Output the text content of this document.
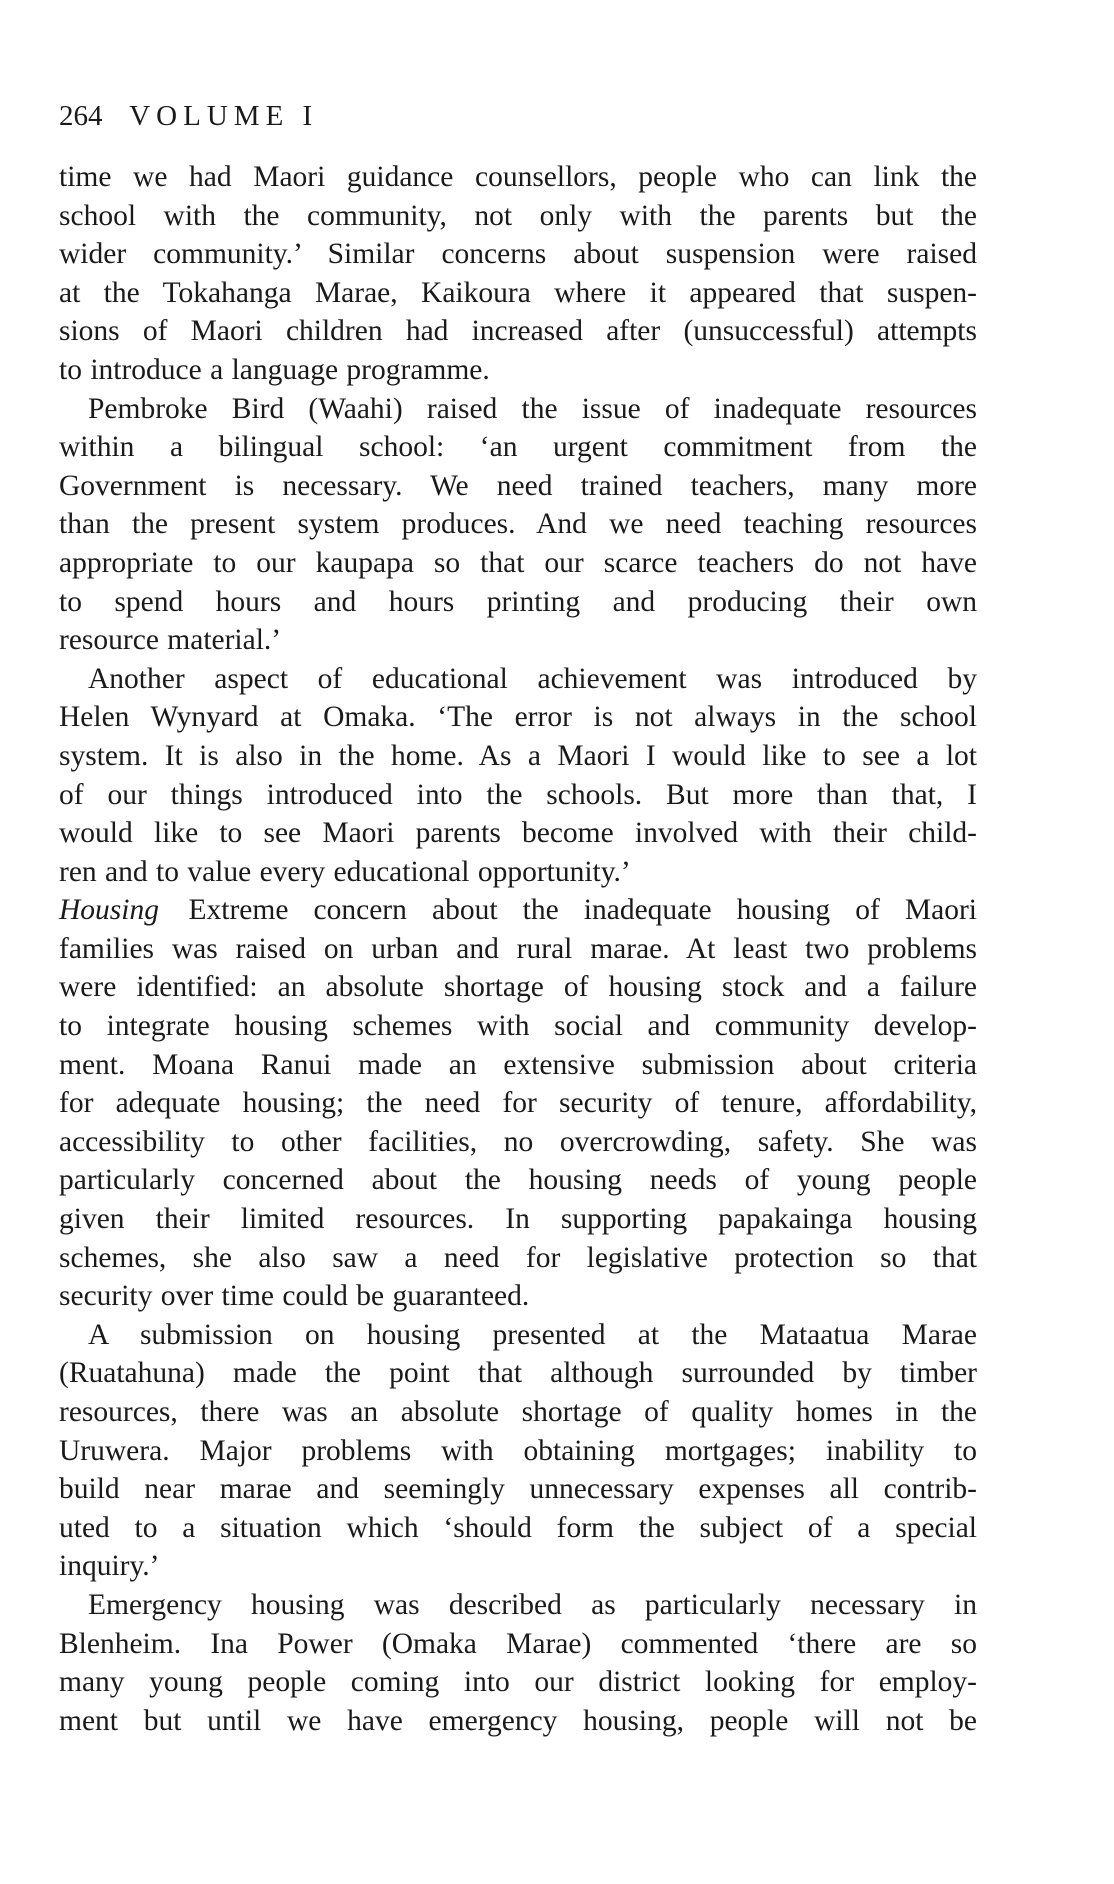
264 VOLUME I
time we had Maori guidance counsellors, people who can link the
school with the community, not only with the parents but the
wider community.’ Similar concerns about suspension were raised
at the Tokahanga Marae, Kaikoura where it appeared that suspen-
sions of Maori children had increased after (unsuccessful) attempts
to introduce a language programme.
Pembroke Bird (Waahi) raised the issue of inadequate resources
within a bilingual school: ‘an urgent commitment from the
Government is necessary. We need trained teachers, many more
than the present system produces. And we need teaching resources
appropriate to our kaupapa so that our scarce teachers do not have
to spend hours and hours printing and producing their own
resource material.’
Another aspect of educational achievement was introduced by
Helen Wynyard at Omaka. ‘The error is not always in the school
system. It is also in the home. As a Maori I would like to see a lot
of our things introduced into the schools. But more than that, I
would like to see Maori parents become involved with their child-
ren and to value every educational opportunity.’
Housing  Extreme concern about the inadequate housing of Maori
families was raised on urban and rural marae. At least two problems
were identified: an absolute shortage of housing stock and a failure
to integrate housing schemes with social and community develop-
ment. Moana Ranui made an extensive submission about criteria
for adequate housing; the need for security of tenure, affordability,
accessibility to other facilities, no overcrowding, safety. She was
particularly concerned about the housing needs of young people
given their limited resources. In supporting papakainga housing
schemes, she also saw a need for legislative protection so that
security over time could be guaranteed.
A submission on housing presented at the Mataatua Marae
(Ruatahuna) made the point that although surrounded by timber
resources, there was an absolute shortage of quality homes in the
Uruwera. Major problems with obtaining mortgages; inability to
build near marae and seemingly unnecessary expenses all contrib-
uted to a situation which ‘should form the subject of a special
inquiry.’
Emergency housing was described as particularly necessary in
Blenheim. Ina Power (Omaka Marae) commented ‘there are so
many young people coming into our district looking for employ-
ment but until we have emergency housing, people will not be
